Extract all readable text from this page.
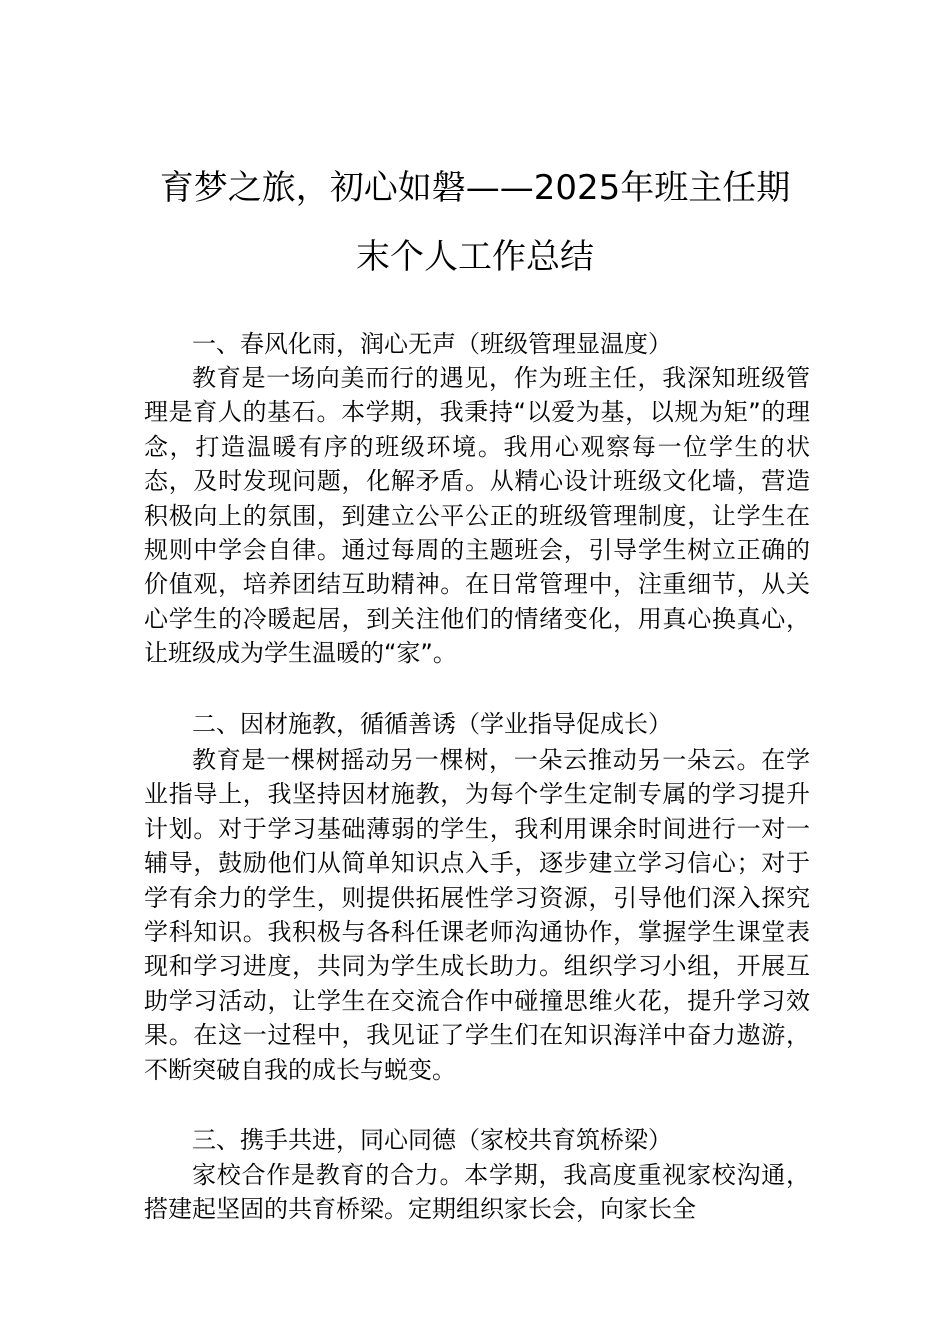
育梦之旅，初心如磐——2025年班主任期
末个人工作总结

一、春风化雨，润心无声（班级管理显温度）

教育是一场向美而行的遇见，作为班主任，我深知班级管理是育人的基石。本学期，我秉持“以爱为基，以规为矩”的理念，打造温暖有序的班级环境。我用心观察每一位学生的状态，及时发现问题，化解矛盾。从精心设计班级文化墙，营造积极向上的氛围，到建立公平公正的班级管理制度，让学生在规则中学会自律。通过每周的主题班会，引导学生树立正确的价值观，培养团结互助精神。在日常管理中，注重细节，从关心学生的冷暖起居，到关注他们的情绪变化，用真心换真心，让班级成为学生温暖的“家”。

二、因材施教，循循善诱（学业指导促成长）

教育是一棵树摇动另一棵树，一朵云推动另一朵云。在学业指导上，我坚持因材施教，为每个学生定制专属的学习提升计划。对于学习基础薄弱的学生，我利用课余时间进行一对一辅导，鼓励他们从简单知识点入手，逐步建立学习信心；对于学有余力的学生，则提供拓展性学习资源，引导他们深入探究学科知识。我积极与各科任课老师沟通协作，掌握学生课堂表现和学习进度，共同为学生成长助力。组织学习小组，开展互助学习活动，让学生在交流合作中碰撞思维火花，提升学习效果。在这一过程中，我见证了学生们在知识海洋中奋力遨游，不断突破自我的成长与蜕变。

三、携手共进，同心同德（家校共育筑桥梁）

家校合作是教育的合力。本学期，我高度重视家校沟通，搭建起坚固的共育桥梁。定期组织家长会，向家长全
